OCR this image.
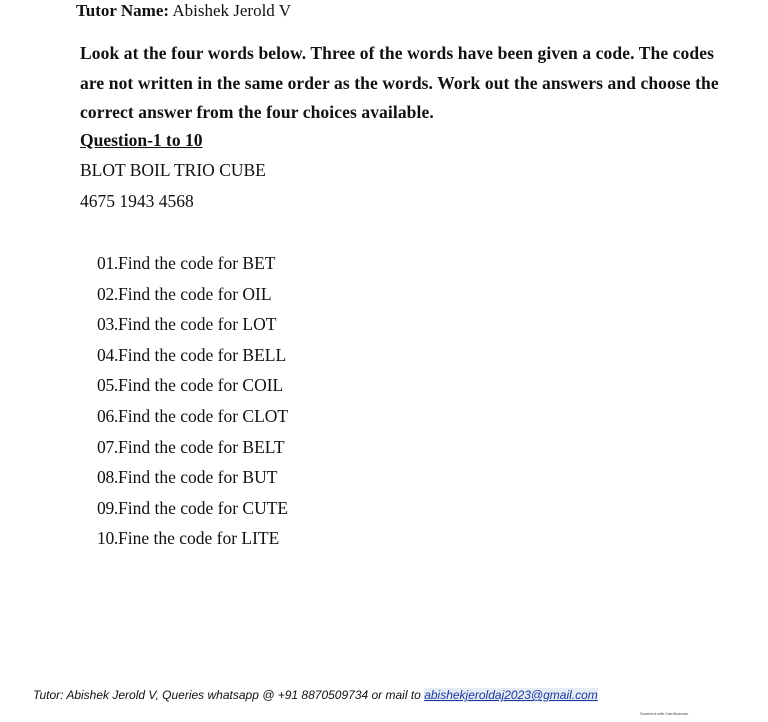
Tutor Name: Abishek Jerold V
Look at the four words below. Three of the words have been given a code. The codes are not written in the same order as the words. Work out the answers and choose the correct answer from the four choices available.
Question-1 to 10
BLOT BOIL TRIO CUBE
4675 1943 4568
01.Find the code for BET
02.Find the code for OIL
03.Find the code for LOT
04.Find the code for BELL
05.Find the code for COIL
06.Find the code for CLOT
07.Find the code for BELT
08.Find the code for BUT
09.Find the code for CUTE
10.Fine the code for LITE
Tutor: Abishek Jerold V, Queries whatsapp @ +91 8870509734 or mail to abishekjeroldaj2023@gmail.com
Scanned with CamScanner
